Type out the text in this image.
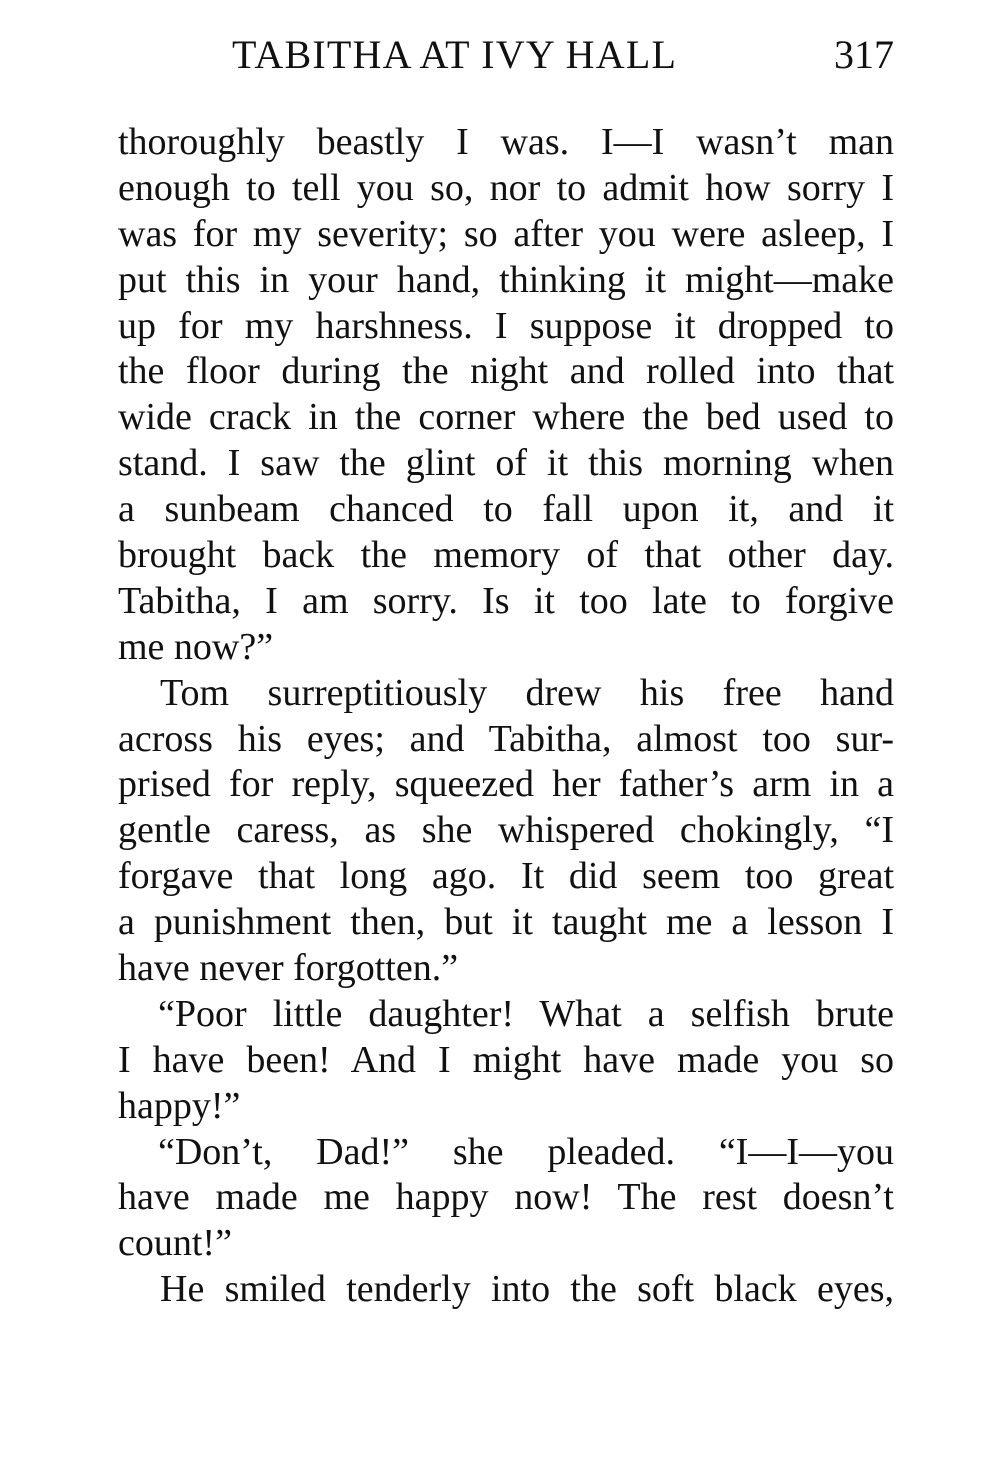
TABITHA AT IVY HALL	317
thoroughly beastly I was. I—I wasn’t man
enough to tell you so, nor to admit how sorry I
was for my severity; so after you were asleep, I
put this in your hand, thinking it might—make
up for my harshness. I suppose it dropped to
the floor during the night and rolled into that
wide crack in the corner where the bed used to
stand. I saw the glint of it this morning when
a sunbeam chanced to fall upon it, and it
brought back the memory of that other day.
Tabitha, I am sorry. Is it too late to forgive
me now?”
Tom surreptitiously drew his free hand
across his eyes; and Tabitha, almost too sur-
prised for reply, squeezed her father’s arm in a
gentle caress, as she whispered chokingly, “I
forgave that long ago. It did seem too great
a punishment then, but it taught me a lesson I
have never forgotten.”
“Poor little daughter! What a selfish brute
I have been! And I might have made you so
happy!”
“Don’t, Dad!” she pleaded. “I—I—you
have made me happy now! The rest doesn’t
count!”
He smiled tenderly into the soft black eyes,
